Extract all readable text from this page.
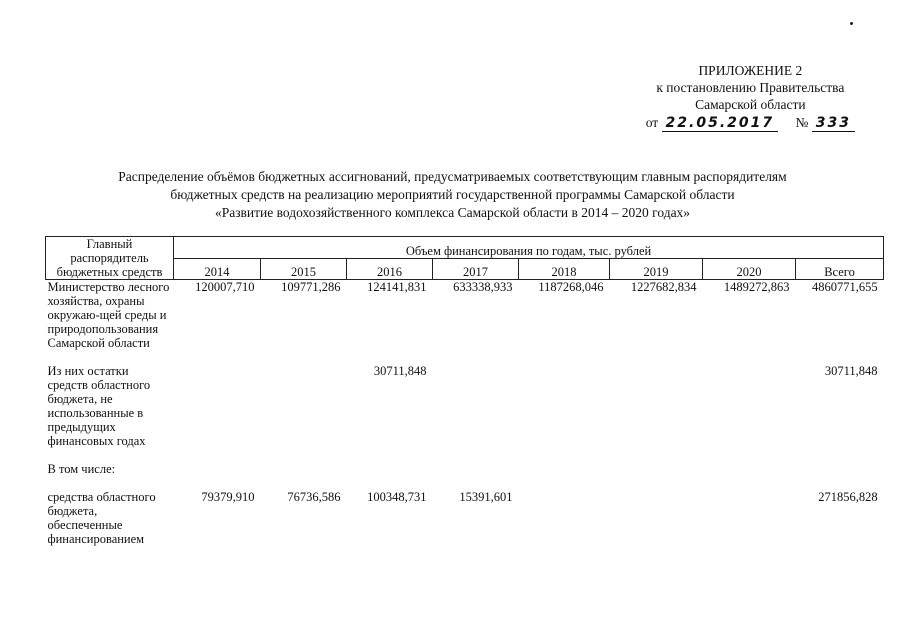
ПРИЛОЖЕНИЕ 2
к постановлению Правительства
Самарской области
от 22.05.2017 № 333
Распределение объёмов бюджетных ассигнований, предусматриваемых соответствующим главным распорядителям
бюджетных средств на реализацию мероприятий государственной программы Самарской области
«Развитие водохозяйственного комплекса Самарской области в 2014 – 2020 годах»
Главный распорядитель бюджетных средств	Объем финансирования по годам, тыс. рублей							
	2014	2015	2016	2017	2018	2019	2020	Всего
Министерство лесного хозяйства, охраны окружаю-щей среды и природопользования Самарской области	120007,710	109771,286	124141,831	633338,933	1187268,046	1227682,834	1489272,863	4860771,655

Из них остатки средств областного бюджета, не использованные в предыдущих финансовых годах			30711,848					30711,848

В том числе:								

средства областного бюджета, обеспеченные финансированием	79379,910	76736,586	100348,731	15391,601				271856,828
